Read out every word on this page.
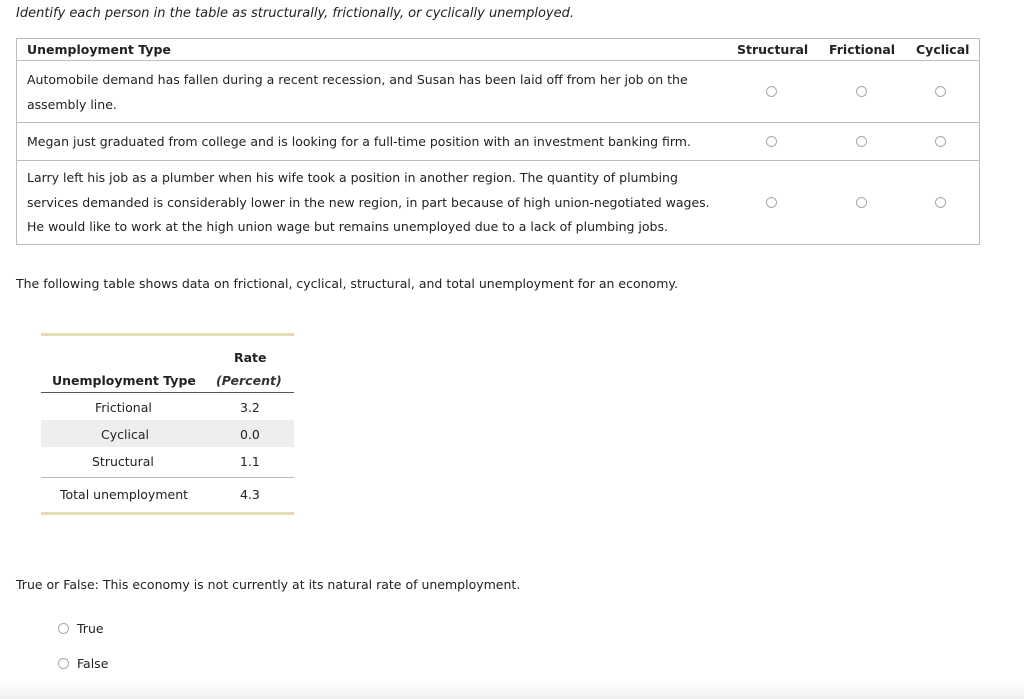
Identify each person in the table as structurally, frictionally, or cyclically unemployed.
Unemployment Type	Structural Frictional Cyclical
Automobile demand has fallen during a recent recession, and Susan has been laid off from her job on the
assembly line.
Megan just graduated from college and is looking for a full-time position with an investment banking firm.
Larry left his job as a plumber when his wife took a position in another region. The quantity of plumbing
services demanded is considerably lower in the new region, in part because of high union-negotiated wages.
He would like to work at the high union wage but remains unemployed due to a lack of plumbing jobs.
The following table shows data on frictional, cyclical, structural, and total unemployment for an economy.
Rate
Unemployment Type (Percent)
Frictional	3.2
Cyclical	0.0
Structural	1.1
Total unemployment	4.3
True or False: This economy is not currently at its natural rate of unemployment.
True
False
